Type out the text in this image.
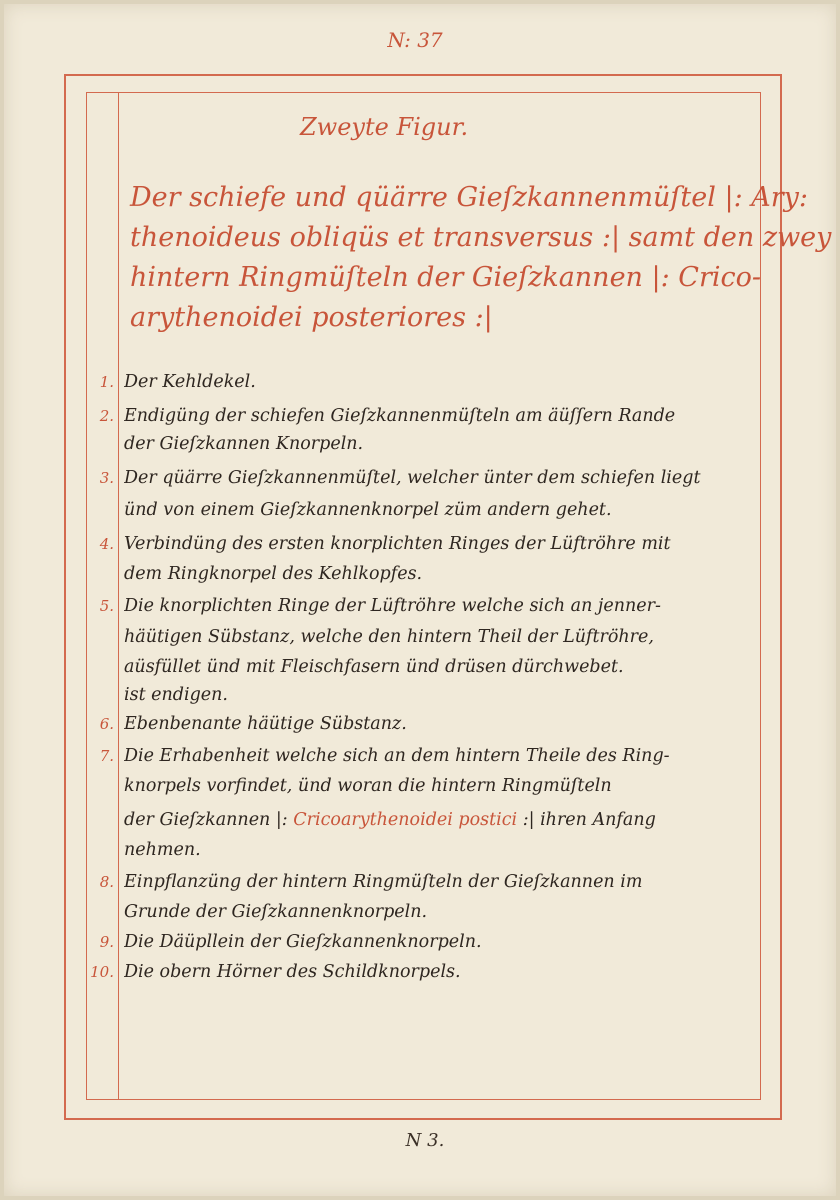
N: 37
Zweyte Figur.
Der schiefe und qüärre Gieſzkannenmüſtel |: Ary:
thenoideus obliqüs et transversus :| samt den zwey
hintern Ringmüſteln der Gieſzkannen |: Crico-
arythenoidei posteriores :|
1. Der Kehldekel.
2. Endigüng der schiefen Gieſzkannenmüſteln am äüſſern Rande
der Gieſzkannen Knorpeln.
3. Der qüärre Gieſzkannenmüſtel, welcher ünter dem schiefen liegt
ünd von einem Gieſzkannenknorpel züm andern gehet.
4. Verbindüng des ersten knorplichten Ringes der Lüftröhre mit
dem Ringknorpel des Kehlkopfes.
5. Die knorplichten Ringe der Lüftröhre welche sich an jenner-
häütigen Sübstanz, welche den hintern Theil der Lüftröhre,
aüsfüllet ünd mit Fleischfasern ünd drüsen dürchwebet.
ist endigen.
6. Ebenbenante häütige Sübstanz.
7. Die Erhabenheit welche sich an dem hintern Theile des Ring-
knorpels vorfindet, ünd woran die hintern Ringmüſteln
der Gieſzkannen |: Cricoarythenoidei postici :| ihren Anfang
nehmen.
8. Einpflanzüng der hintern Ringmüſteln der Gieſzkannen im
Grunde der Gieſzkannenknorpeln.
9. Die Däüpllein der Gieſzkannenknorpeln.
10. Die obern Hörner des Schildknorpels.
N 3.
